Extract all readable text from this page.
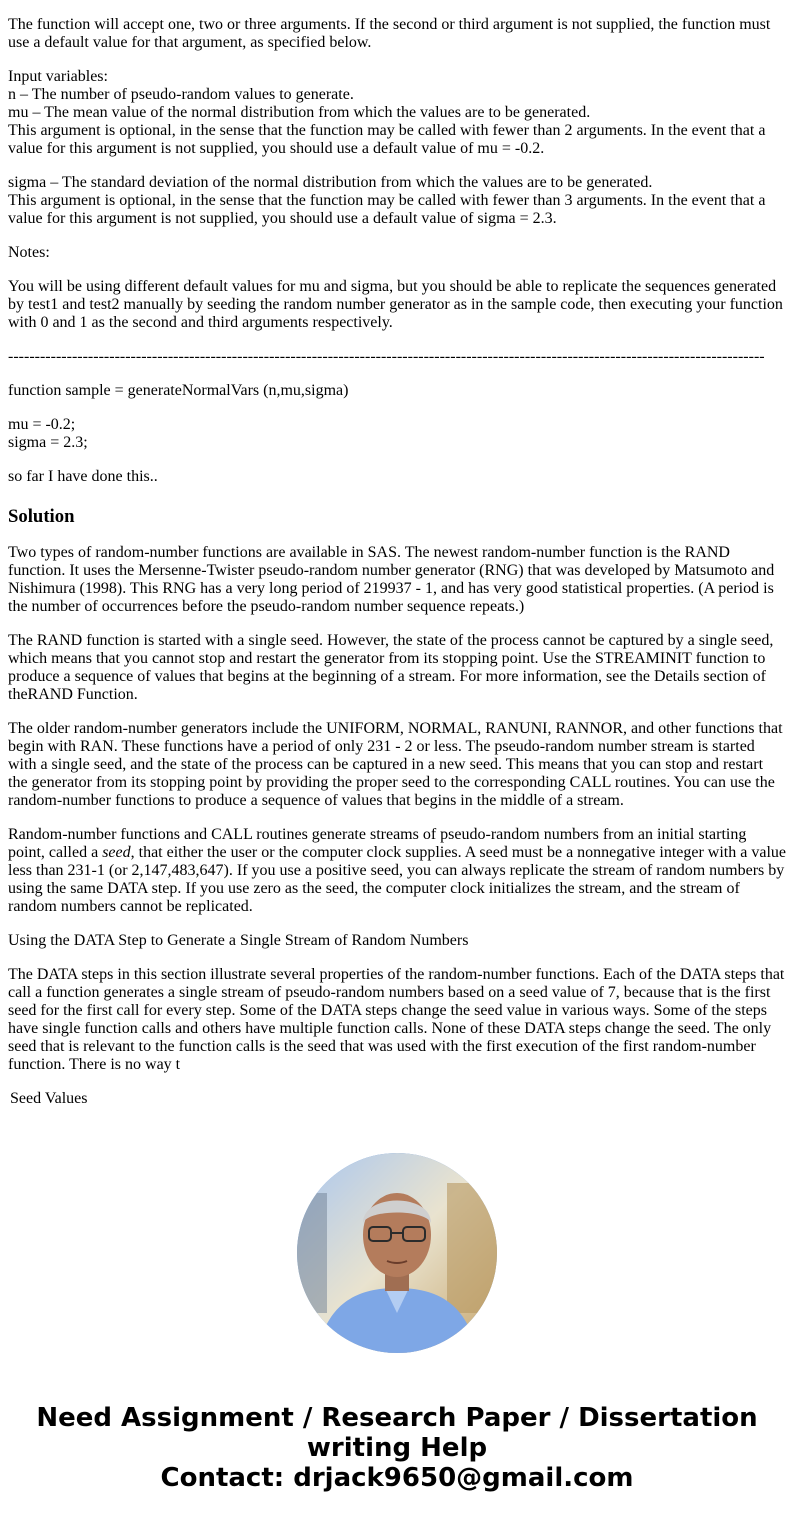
The function will accept one, two or three arguments. If the second or third argument is not supplied, the function must use a default value for that argument, as specified below.

Input variables:
n – The number of pseudo-random values to generate.
mu – The mean value of the normal distribution from which the values are to be generated.
This argument is optional, in the sense that the function may be called with fewer than 2 arguments. In the event that a value for this argument is not supplied, you should use a default value of mu = -0.2.

sigma – The standard deviation of the normal distribution from which the values are to be generated.
This argument is optional, in the sense that the function may be called with fewer than 3 arguments. In the event that a value for this argument is not supplied, you should use a default value of sigma = 2.3.

Notes:

You will be using different default values for mu and sigma, but you should be able to replicate the sequences generated by test1 and test2 manually by seeding the random number generator as in the sample code, then executing your function with 0 and 1 as the second and third arguments respectively.

----------------------------------------------------------------------------------------------------------------------------------------------

function sample = generateNormalVars (n,mu,sigma)

mu = -0.2;
sigma = 2.3;

so far I have done this..

Solution

Two types of random-number functions are available in SAS. The newest random-number function is the RAND function. It uses the Mersenne-Twister pseudo-random number generator (RNG) that was developed by Matsumoto and Nishimura (1998). This RNG has a very long period of 219937 - 1, and has very good statistical properties. (A period is the number of occurrences before the pseudo-random number sequence repeats.)

The RAND function is started with a single seed. However, the state of the process cannot be captured by a single seed, which means that you cannot stop and restart the generator from its stopping point. Use the STREAMINIT function to produce a sequence of values that begins at the beginning of a stream. For more information, see the Details section of theRAND Function.

The older random-number generators include the UNIFORM, NORMAL, RANUNI, RANNOR, and other functions that begin with RAN. These functions have a period of only 231 - 2 or less. The pseudo-random number stream is started with a single seed, and the state of the process can be captured in a new seed. This means that you can stop and restart the generator from its stopping point by providing the proper seed to the corresponding CALL routines. You can use the random-number functions to produce a sequence of values that begins in the middle of a stream.

Random-number functions and CALL routines generate streams of pseudo-random numbers from an initial starting point, called a seed, that either the user or the computer clock supplies. A seed must be a nonnegative integer with a value less than 231-1 (or 2,147,483,647). If you use a positive seed, you can always replicate the stream of random numbers by using the same DATA step. If you use zero as the seed, the computer clock initializes the stream, and the stream of random numbers cannot be replicated.

Using the DATA Step to Generate a Single Stream of Random Numbers

The DATA steps in this section illustrate several properties of the random-number functions. Each of the DATA steps that call a function generates a single stream of pseudo-random numbers based on a seed value of 7, because that is the first seed for the first call for every step. Some of the DATA steps change the seed value in various ways. Some of the steps have single function calls and others have multiple function calls. None of these DATA steps change the seed. The only seed that is relevant to the function calls is the seed that was used with the first execution of the first random-number function. There is no way t

Seed Values
Need Assignment / Research Paper / Dissertation
writing Help
Contact: drjack9650@gmail.com
